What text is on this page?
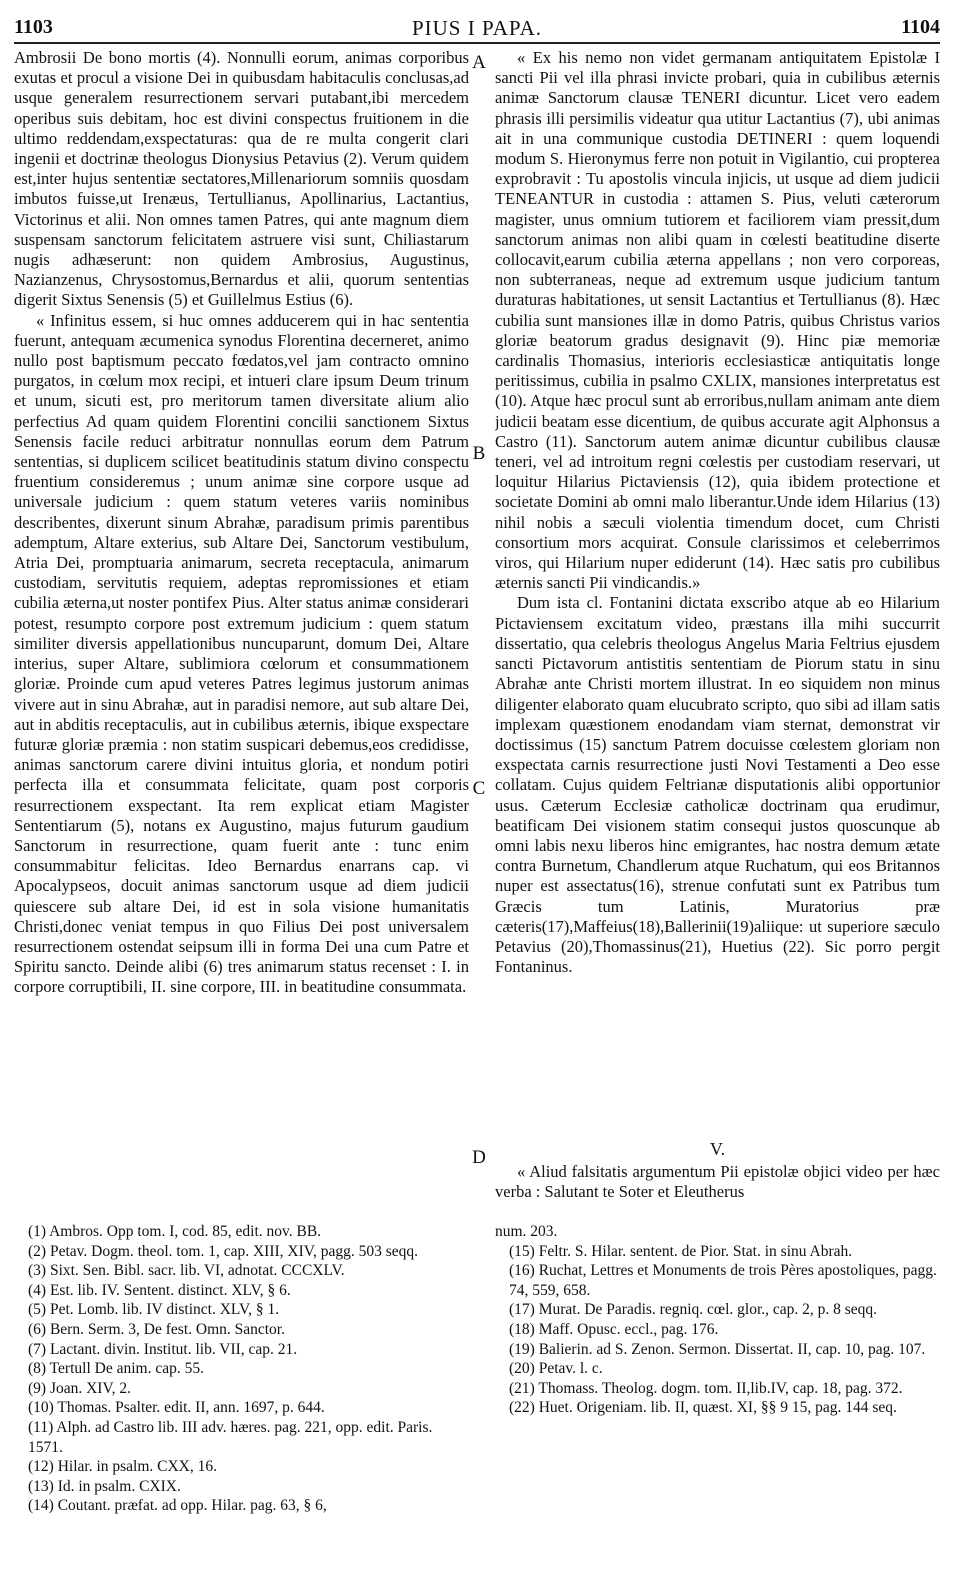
1103	PIUS I PAPA.	1104

Ambrosii De bono mortis (4). Nonnulli eorum, animas corporibus exutas et procul a visione Dei in quibusdam habitaculis conclusas,ad usque generalem resurrectionem servari putabant,ibi mercedem operibus suis debitam, hoc est divini conspectus fruitionem in die ultimo reddendam,exspectaturas: qua de re multa congerit clari ingenii et doctrinæ theologus Dionysius Petavius (2). Verum quidem est,inter hujus sententiæ sectatores,Millenariorum somniis quosdam imbutos fuisse,ut Irenæus, Tertullianus, Apollinarius, Lactantius, Victorinus et alii. Non omnes tamen Patres, qui ante magnum diem suspensam sanctorum felicitatem astruere visi sunt, Chiliastarum nugis adhæserunt: non quidem Ambrosius, Augustinus, Nazianzenus, Chrysostomus,Bernardus et alii, quorum sententias digerit Sixtus Senensis (5) et Guillelmus Estius (6).

« Infinitus essem, si huc omnes adducerem qui in hac sententia fuerunt, antequam æcumenica synodus Florentina decerneret, animo nullo post baptismum peccato fœdatos,vel jam contracto omnino purgatos, in cœlum mox recipi, et intueri clare ipsum Deum trinum et unum, sicuti est, pro meritorum tamen diversitate alium alio perfectius Ad quam quidem Florentini concilii sanctionem Sixtus Senensis facile reduci arbitratur nonnullas eorum dem Patrum sententias, si duplicem scilicet beatitudinis statum divino conspectu fruentium consideremus ; unum animæ sine corpore usque ad universale judicium : quem statum veteres variis nominibus describentes, dixerunt sinum Abrahæ, paradisum primis parentibus ademptum, Altare exterius, sub Altare Dei, Sanctorum vestibulum, Atria Dei, promptuaria animarum, secreta receptacula, animarum custodiam, servitutis requiem, adeptas repromissiones et etiam cubilia æterna,ut noster pontifex Pius. Alter status animæ considerari potest, resumpto corpore post extremum judicium : quem statum similiter diversis appellationibus nuncuparunt, domum Dei, Altare interius, super Altare, sublimiora cœlorum et consummationem gloriæ. Proinde cum apud veteres Patres legimus justorum animas vivere aut in sinu Abrahæ, aut in paradisi nemore, aut sub altare Dei, aut in abditis receptaculis, aut in cubilibus æternis, ibique exspectare futuræ gloriæ præmia : non statim suspicari debemus,eos credidisse, animas sanctorum carere divini intuitus gloria, et nondum potiri perfecta illa et consummata felicitate, quam post corporis resurrectionem exspectant. Ita rem explicat etiam Magister Sententiarum (5), notans ex Augustino, majus futurum gaudium Sanctorum in resurrectione, quam fuerit ante : tunc enim consummabitur felicitas. Ideo Bernardus enarrans cap. vi Apocalypseos, docuit animas sanctorum usque ad diem judicii quiescere sub altare Dei, id est in sola visione humanitatis Christi,donec veniat tempus in quo Filius Dei post universalem resurrectionem ostendat seipsum illi in forma Dei una cum Patre et Spiritu sancto. Deinde alibi (6) tres animarum status recenset : I. in corpore corruptibili, II. sine corpore, III. in beatitudine consummata.

A
B
C
D

« Ex his nemo non videt germanam antiquitatem Epistolæ I sancti Pii vel illa phrasi invicte probari, quia in cubilibus æternis animæ Sanctorum clausæ TENERI dicuntur. Licet vero eadem phrasis illi persimilis videatur qua utitur Lactantius (7), ubi animas ait in una communique custodia DETINERI : quem loquendi modum S. Hieronymus ferre non potuit in Vigilantio, cui propterea exprobravit : Tu apostolis vincula injicis, ut usque ad diem judicii TENEANTUR in custodia : attamen S. Pius, veluti cæterorum magister, unus omnium tutiorem et faciliorem viam pressit,dum sanctorum animas non alibi quam in cœlesti beatitudine diserte collocavit,earum cubilia æterna appellans ; non vero corporeas, non subterraneas, neque ad extremum usque judicium tantum duraturas habitationes, ut sensit Lactantius et Tertullianus (8). Hæc cubilia sunt mansiones illæ in domo Patris, quibus Christus varios gloriæ beatorum gradus designavit (9). Hinc piæ memoriæ cardinalis Thomasius, interioris ecclesiasticæ antiquitatis longe peritissimus, cubilia in psalmo CXLIX, mansiones interpretatus est (10). Atque hæc procul sunt ab erroribus,nullam animam ante diem judicii beatam esse dicentium, de quibus accurate agit Alphonsus a Castro (11). Sanctorum autem animæ dicuntur cubilibus clausæ teneri, vel ad introitum regni cœlestis per custodiam reservari, ut loquitur Hilarius Pictaviensis (12), quia ibidem protectione et societate Domini ab omni malo liberantur.Unde idem Hilarius (13) nihil nobis a sæculi violentia timendum docet, cum Christi consortium mors acquirat. Consule clarissimos et celeberrimos viros, qui Hilarium nuper ediderunt (14). Hæc satis pro cubilibus æternis sancti Pii vindicandis.»

Dum ista cl. Fontanini dictata exscribo atque ab eo Hilarium Pictaviensem excitatum video, præstans illa mihi succurrit dissertatio, qua celebris theologus Angelus Maria Feltrius ejusdem sancti Pictavorum antistitis sententiam de Piorum statu in sinu Abrahæ ante Christi mortem illustrat. In eo siquidem non minus diligenter elaborato quam elucubrato scripto, quo sibi ad illam satis implexam quæstionem enodandam viam sternat, demonstrat vir doctissimus (15) sanctum Patrem docuisse cœlestem gloriam non exspectata carnis resurrectione justi Novi Testamenti a Deo esse collatam. Cujus quidem Feltrianæ disputationis alibi opportunior usus. Cæterum Ecclesiæ catholicæ doctrinam qua erudimur, beatificam Dei visionem statim consequi justos quoscunque ab omni labis nexu liberos hinc emigrantes, hac nostra demum ætate contra Burnetum, Chandlerum atque Ruchatum, qui eos Britannos nuper est assectatus(16), strenue confutati sunt ex Patribus tum Græcis tum Latinis, Muratorius præ cæteris(17),Maffeius(18),Ballerinii(19)aliique: ut superiore sæculo Petavius (20),Thomassinus(21), Huetius (22). Sic porro pergit Fontaninus.

V.

« Aliud falsitatis argumentum Pii epistolæ objici video per hæc verba : Salutant te Soter et Eleutherus

(1) Ambros. Opp tom. I, cod. 85, edit. nov. BB.
(2) Petav. Dogm. theol. tom. 1, cap. XIII, XIV, pagg. 503 seqq.
(3) Sixt. Sen. Bibl. sacr. lib. VI, adnotat. CCCXLV.
(4) Est. lib. IV. Sentent. distinct. XLV, § 6.
(5) Pet. Lomb. lib. IV distinct. XLV, § 1.
(6) Bern. Serm. 3, De fest. Omn. Sanctor.
(7) Lactant. divin. Institut. lib. VII, cap. 21.
(8) Tertull De anim. cap. 55.
(9) Joan. XIV, 2.
(10) Thomas. Psalter. edit. II, ann. 1697, p. 644.
(11) Alph. ad Castro lib. III adv. hæres. pag. 221, opp. edit. Paris. 1571.
(12) Hilar. in psalm. CXX, 16.
(13) Id. in psalm. CXIX.
(14) Coutant. præfat. ad opp. Hilar. pag. 63, § 6,
num. 203.
(15) Feltr. S. Hilar. sentent. de Pior. Stat. in sinu Abrah.
(16) Ruchat, Lettres et Monuments de trois Pères apostoliques, pagg. 74, 559, 658.
(17) Murat. De Paradis. regniq. cœl. glor., cap. 2, p. 8 seqq.
(18) Maff. Opusc. eccl., pag. 176.
(19) Balierin. ad S. Zenon. Sermon. Dissertat. II, cap. 10, pag. 107.
(20) Petav. l. c.
(21) Thomass. Theolog. dogm. tom. II,lib.IV, cap. 18, pag. 372.
(22) Huet. Origeniam. lib. II, quæst. XI, §§ 9 15, pag. 144 seq.
